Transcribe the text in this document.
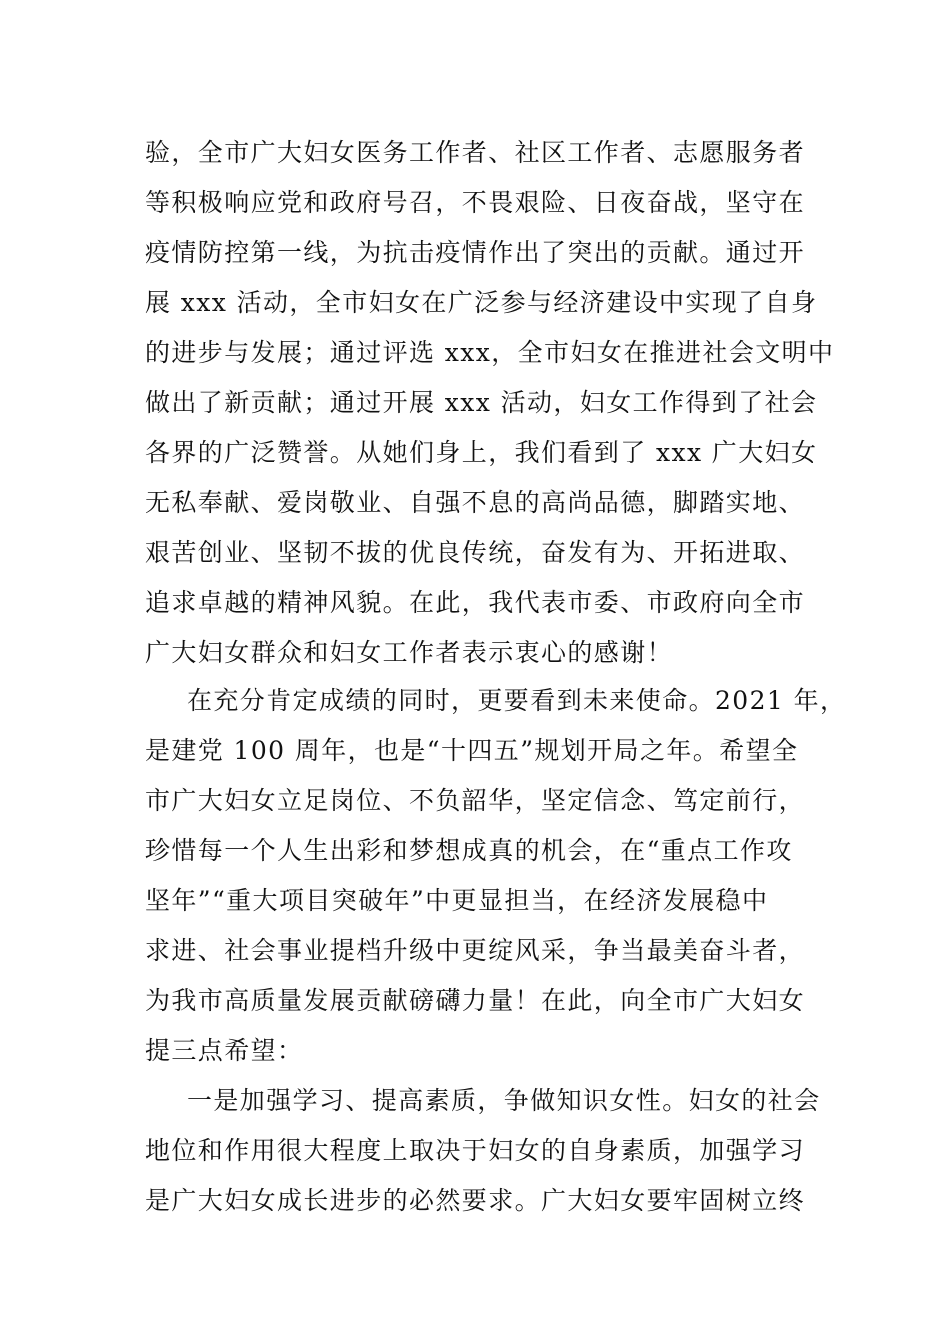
验，全市广大妇女医务工作者、社区工作者、志愿服务者
等积极响应党和政府号召，不畏艰险、日夜奋战，坚守在
疫情防控第一线，为抗击疫情作出了突出的贡献。通过开
展 xxx 活动，全市妇女在广泛参与经济建设中实现了自身
的进步与发展；通过评选 xxx，全市妇女在推进社会文明中
做出了新贡献；通过开展 xxx 活动，妇女工作得到了社会
各界的广泛赞誉。从她们身上，我们看到了 xxx 广大妇女
无私奉献、爱岗敬业、自强不息的高尚品德，脚踏实地、
艰苦创业、坚韧不拔的优良传统，奋发有为、开拓进取、
追求卓越的精神风貌。在此，我代表市委、市政府向全市
广大妇女群众和妇女工作者表示衷心的感谢！
在充分肯定成绩的同时，更要看到未来使命。2021 年，
是建党 100 周年，也是“十四五”规划开局之年。希望全
市广大妇女立足岗位、不负韶华，坚定信念、笃定前行，
珍惜每一个人生出彩和梦想成真的机会，在“重点工作攻
坚年”“重大项目突破年”中更显担当，在经济发展稳中
求进、社会事业提档升级中更绽风采，争当最美奋斗者，
为我市高质量发展贡献磅礴力量！在此，向全市广大妇女
提三点希望：
一是加强学习、提高素质，争做知识女性。妇女的社会
地位和作用很大程度上取决于妇女的自身素质，加强学习
是广大妇女成长进步的必然要求。广大妇女要牢固树立终
